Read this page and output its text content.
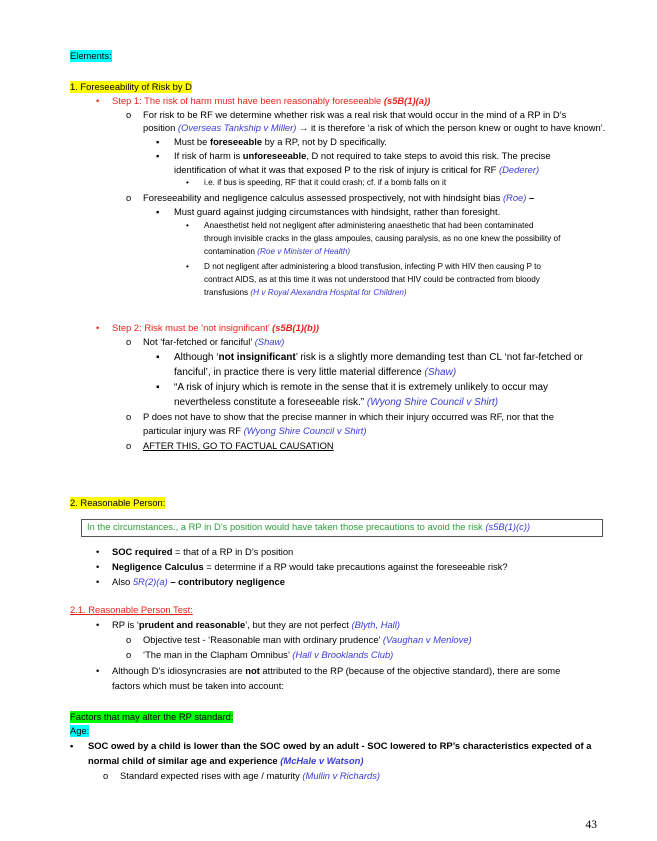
Elements:
1. Foreseeability of Risk by D
•
Step 1: The risk of harm must have been reasonably foreseeable (s5B(1)(a))
o
For risk to be RF we determine whether risk was a real risk that would occur in the mind of a RP in D’s
position (Overseas Tankship v Miller) → it is therefore ‘a risk of which the person knew or ought to have known’.
▪
Must be foreseeable by a RP, not by D specifically.
▪
If risk of harm is unforeseeable, D not required to take steps to avoid this risk. The precise
identification of what it was that exposed P to the risk of injury is critical for RF (Dederer)
•
i.e. if bus is speeding, RF that it could crash; cf. if a bomb falls on it
o
Foreseeability and negligence calculus assessed prospectively, not with hindsight bias (Roe) –
▪
Must guard against judging circumstances with hindsight, rather than foresight.
•
Anaesthetist held not negligent after administering anaesthetic that had been contaminated
through invisible cracks in the glass ampoules, causing paralysis, as no one knew the possibility of
contamination (Roe v Minister of Health)
•
D not negligent after administering a blood transfusion, infecting P with HIV then causing P to
contract AIDS, as at this time it was not understood that HIV could be contracted from bloody
transfusions (H v Royal Alexandra Hospital for Children)
•
Step 2: Risk must be ‘not insignificant’ (s5B(1)(b))
o
Not ‘far-fetched or fanciful’ (Shaw)
▪
Although ‘not insignificant’ risk is a slightly more demanding test than CL ‘not far-fetched or
fanciful’, in practice there is very little material difference (Shaw)
▪
“A risk of injury which is remote in the sense that it is extremely unlikely to occur may
nevertheless constitute a foreseeable risk.” (Wyong Shire Council v Shirt)
o
P does not have to show that the precise manner in which their injury occurred was RF, nor that the
particular injury was RF (Wyong Shire Council v Shirt)
o
AFTER THIS, GO TO FACTUAL CAUSATION
2. Reasonable Person:
In the circumstances., a RP in D’s position would have taken those precautions to avoid the risk (s5B(1)(c))
•
SOC required = that of a RP in D’s position
•
Negligence Calculus = determine if a RP would take precautions against the foreseeable risk?
•
Also 5R(2)(a) – contributory negligence
2.1. Reasonable Person Test:
•
RP is ‘prudent and reasonable’, but they are not perfect (Blyth, Hall)
o
Objective test - ‘Reasonable man with ordinary prudence’ (Vaughan v Menlove)
o
‘The man in the Clapham Omnibus’ (Hall v Brooklands Club)
•
Although D’s idiosyncrasies are not attributed to the RP (because of the objective standard), there are some
factors which must be taken into account:
Factors that may alter the RP standard:
Age:
•
SOC owed by a child is lower than the SOC owed by an adult - SOC lowered to RP’s characteristics expected of a
normal child of similar age and experience (McHale v Watson)
o
Standard expected rises with age / maturity (Mullin v Richards)
43
